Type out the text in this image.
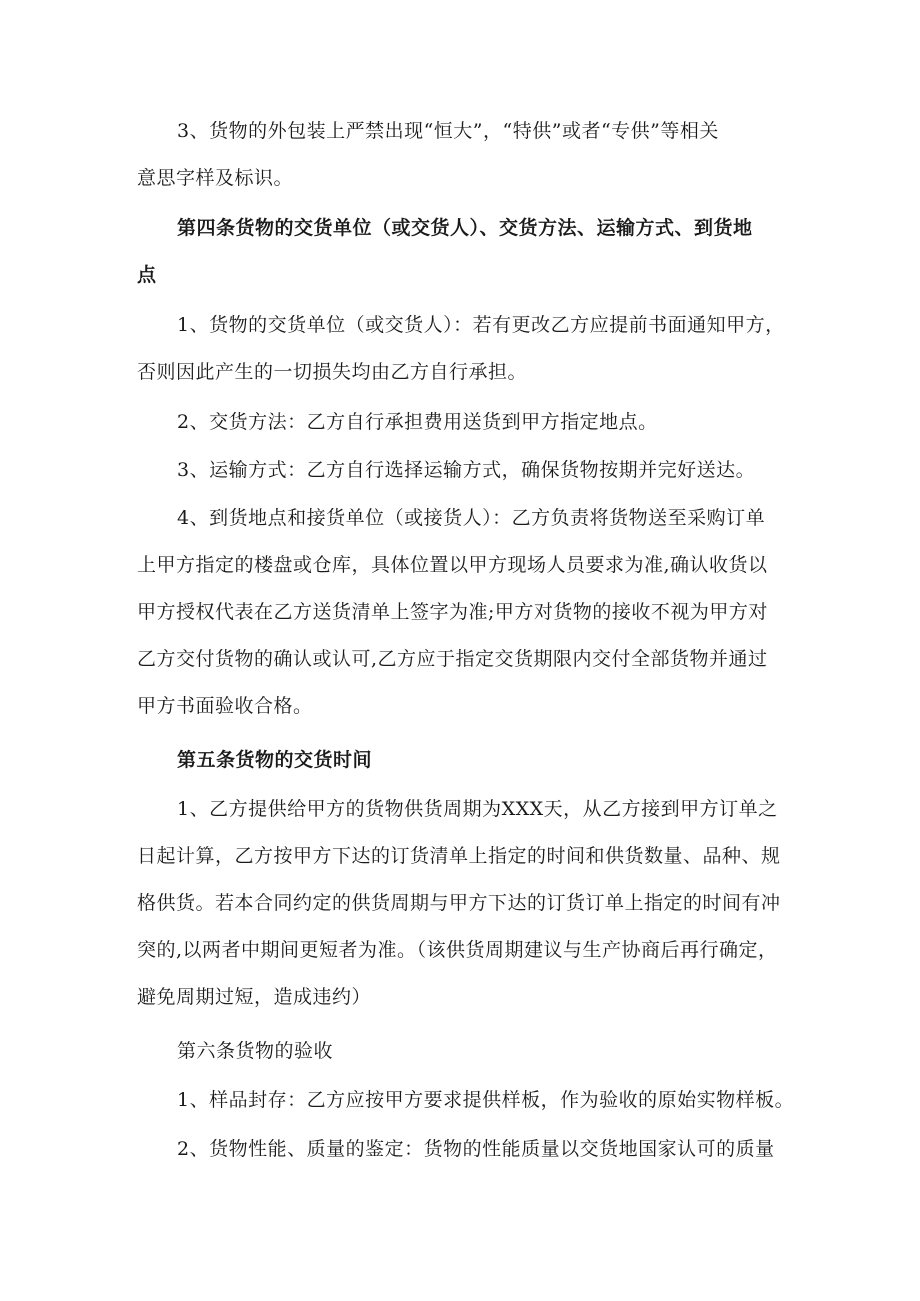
3、货物的外包装上严禁出现“恒大”，“特供”或者“专供”等相关
意思字样及标识。
第四条货物的交货单位（或交货人）、交货方法、运输方式、到货地
点
1、货物的交货单位（或交货人）：若有更改乙方应提前书面通知甲方，
否则因此产生的一切损失均由乙方自行承担。
2、交货方法：乙方自行承担费用送货到甲方指定地点。
3、运输方式：乙方自行选择运输方式，确保货物按期并完好送达。
4、到货地点和接货单位（或接货人）：乙方负责将货物送至采购订单
上甲方指定的楼盘或仓库，具体位置以甲方现场人员要求为准,确认收货以
甲方授权代表在乙方送货清单上签字为准;甲方对货物的接收不视为甲方对
乙方交付货物的确认或认可,乙方应于指定交货期限内交付全部货物并通过
甲方书面验收合格。
第五条货物的交货时间
1、乙方提供给甲方的货物供货周期为XXX天，从乙方接到甲方订单之
日起计算，乙方按甲方下达的订货清单上指定的时间和供货数量、品种、规
格供货。若本合同约定的供货周期与甲方下达的订货订单上指定的时间有冲
突的,以两者中期间更短者为准。（该供货周期建议与生产协商后再行确定，
避免周期过短，造成违约）
第六条货物的验收
1、样品封存：乙方应按甲方要求提供样板，作为验收的原始实物样板。
2、货物性能、质量的鉴定：货物的性能质量以交货地国家认可的质量
